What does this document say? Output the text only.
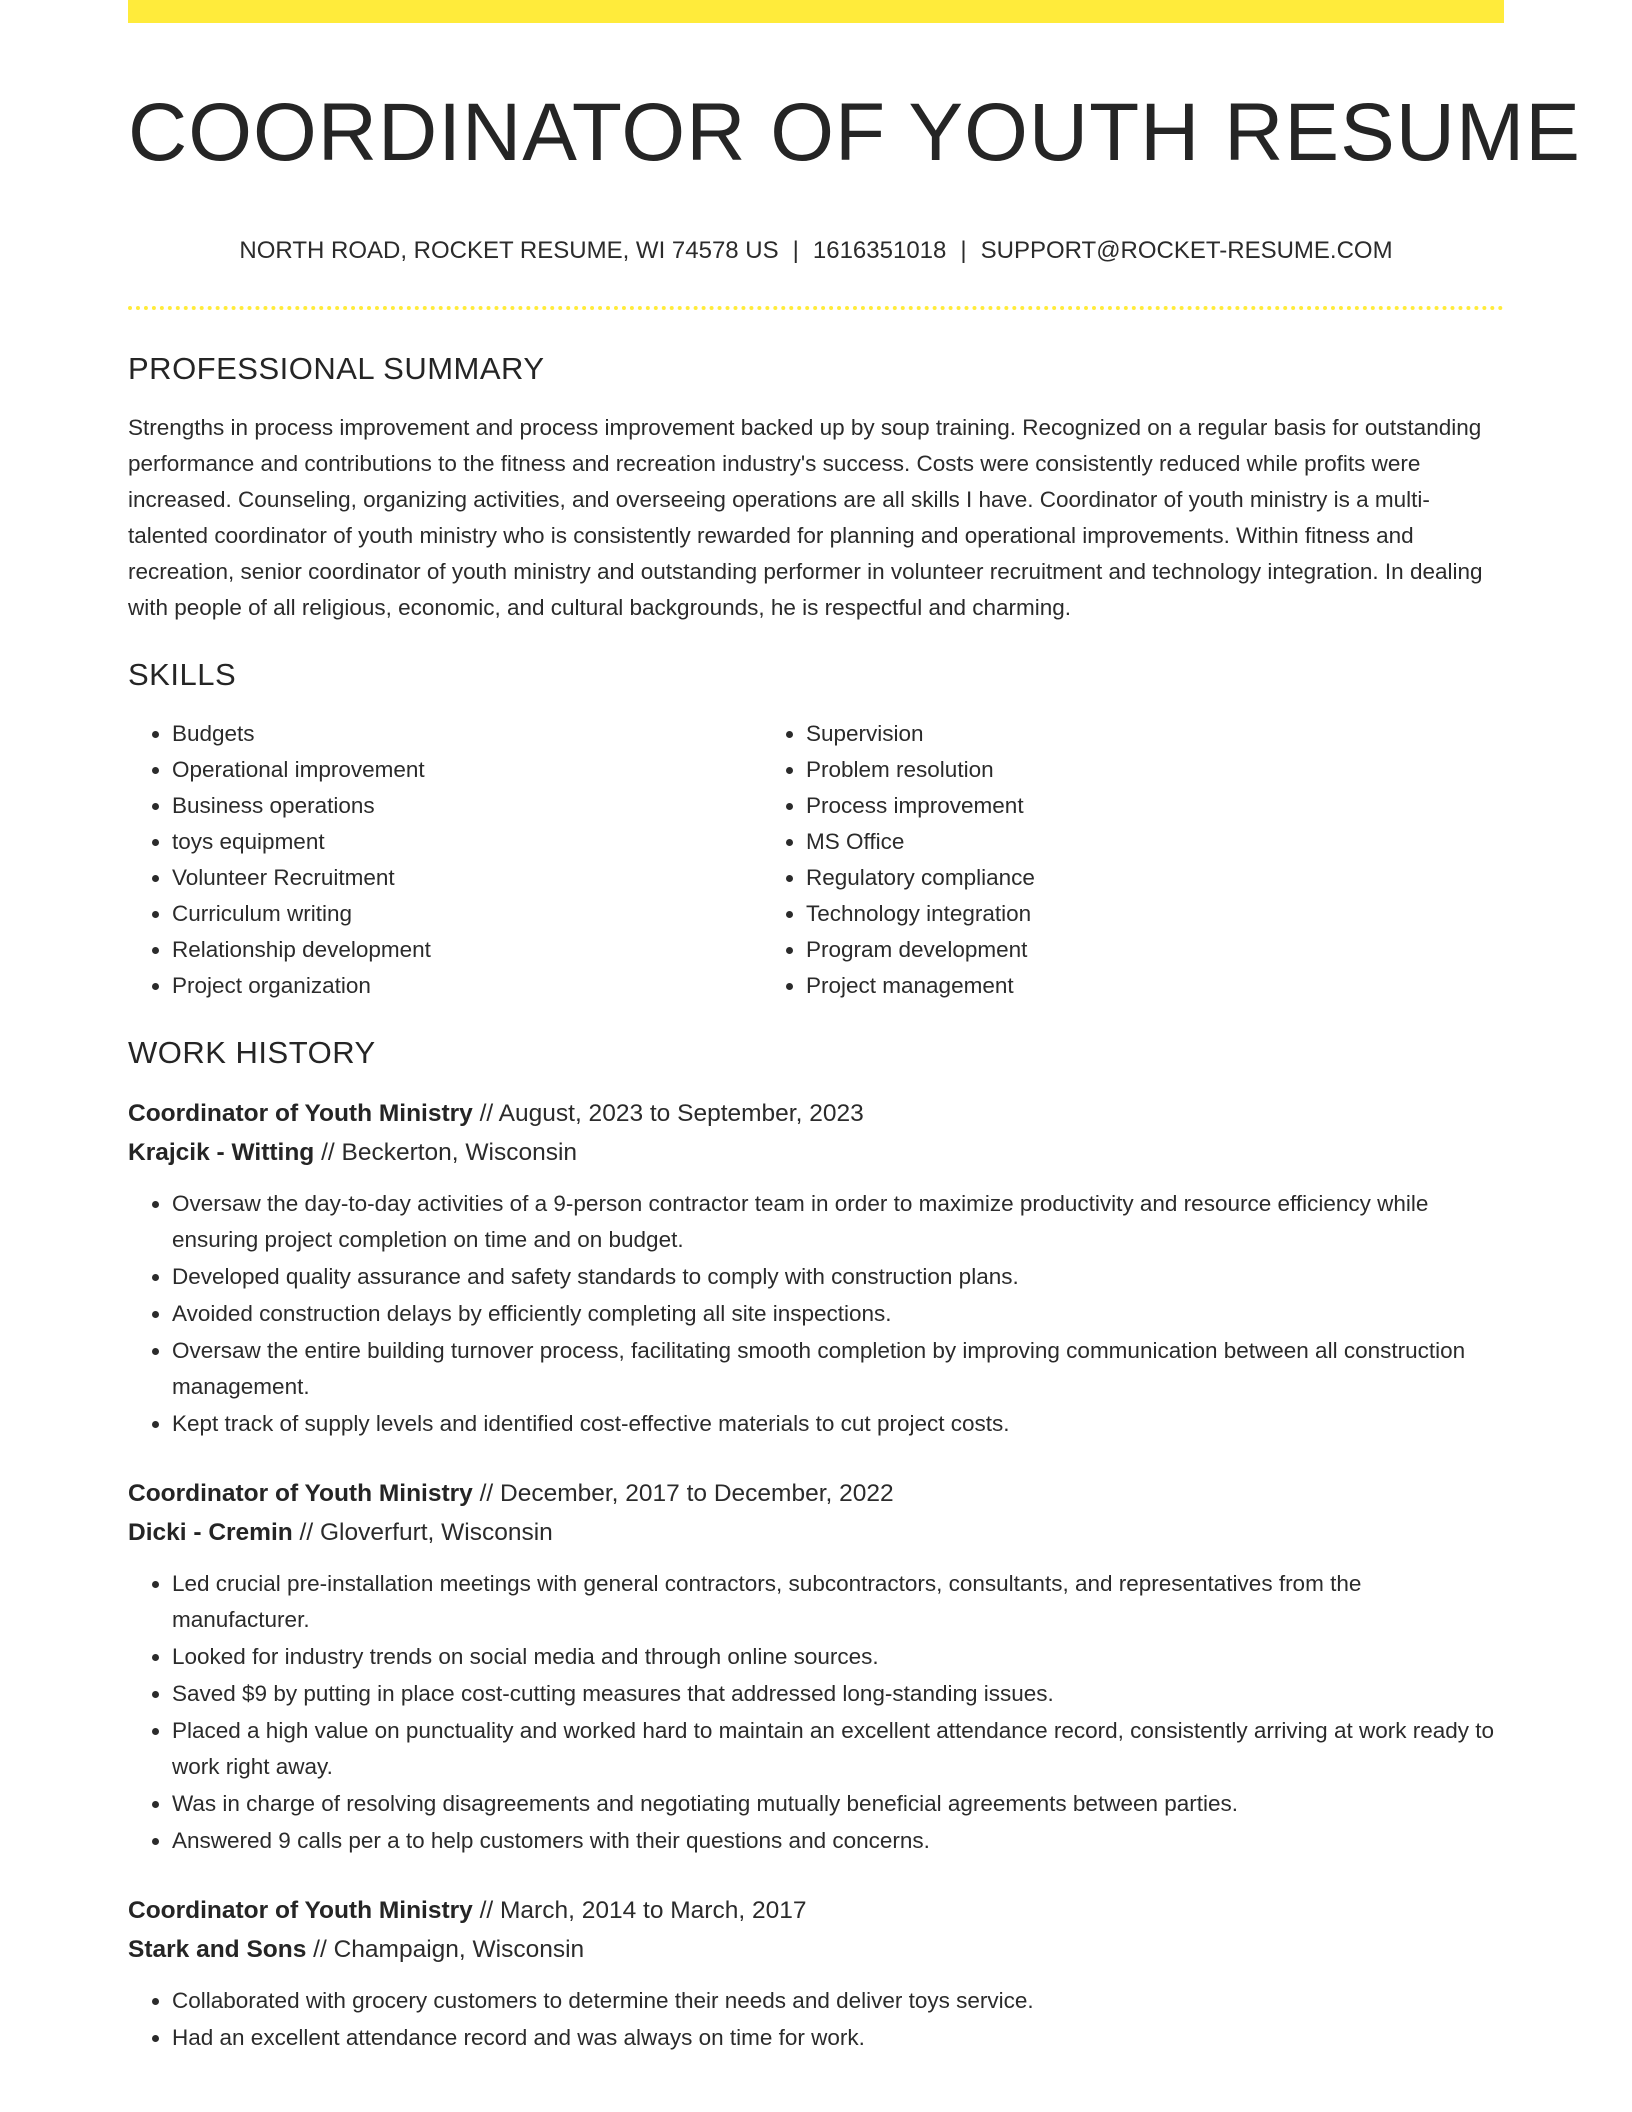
COORDINATOR OF YOUTH RESUME
NORTH ROAD, ROCKET RESUME, WI 74578 US | 1616351018 | SUPPORT@ROCKET-RESUME.COM
PROFESSIONAL SUMMARY
Strengths in process improvement and process improvement backed up by soup training. Recognized on a regular basis for outstanding performance and contributions to the fitness and recreation industry's success. Costs were consistently reduced while profits were increased. Counseling, organizing activities, and overseeing operations are all skills I have. Coordinator of youth ministry is a multi-talented coordinator of youth ministry who is consistently rewarded for planning and operational improvements. Within fitness and recreation, senior coordinator of youth ministry and outstanding performer in volunteer recruitment and technology integration. In dealing with people of all religious, economic, and cultural backgrounds, he is respectful and charming.
SKILLS
• Budgets
• Operational improvement
• Business operations
• toys equipment
• Volunteer Recruitment
• Curriculum writing
• Relationship development
• Project organization
• Supervision
• Problem resolution
• Process improvement
• MS Office
• Regulatory compliance
• Technology integration
• Program development
• Project management
WORK HISTORY
Coordinator of Youth Ministry // August, 2023 to September, 2023
Krajcik - Witting // Beckerton, Wisconsin
• Oversaw the day-to-day activities of a 9-person contractor team in order to maximize productivity and resource efficiency while ensuring project completion on time and on budget.
• Developed quality assurance and safety standards to comply with construction plans.
• Avoided construction delays by efficiently completing all site inspections.
• Oversaw the entire building turnover process, facilitating smooth completion by improving communication between all construction management.
• Kept track of supply levels and identified cost-effective materials to cut project costs.
Coordinator of Youth Ministry // December, 2017 to December, 2022
Dicki - Cremin // Gloverfurt, Wisconsin
• Led crucial pre-installation meetings with general contractors, subcontractors, consultants, and representatives from the manufacturer.
• Looked for industry trends on social media and through online sources.
• Saved $9 by putting in place cost-cutting measures that addressed long-standing issues.
• Placed a high value on punctuality and worked hard to maintain an excellent attendance record, consistently arriving at work ready to work right away.
• Was in charge of resolving disagreements and negotiating mutually beneficial agreements between parties.
• Answered 9 calls per a to help customers with their questions and concerns.
Coordinator of Youth Ministry // March, 2014 to March, 2017
Stark and Sons // Champaign, Wisconsin
• Collaborated with grocery customers to determine their needs and deliver toys service.
• Had an excellent attendance record and was always on time for work.
